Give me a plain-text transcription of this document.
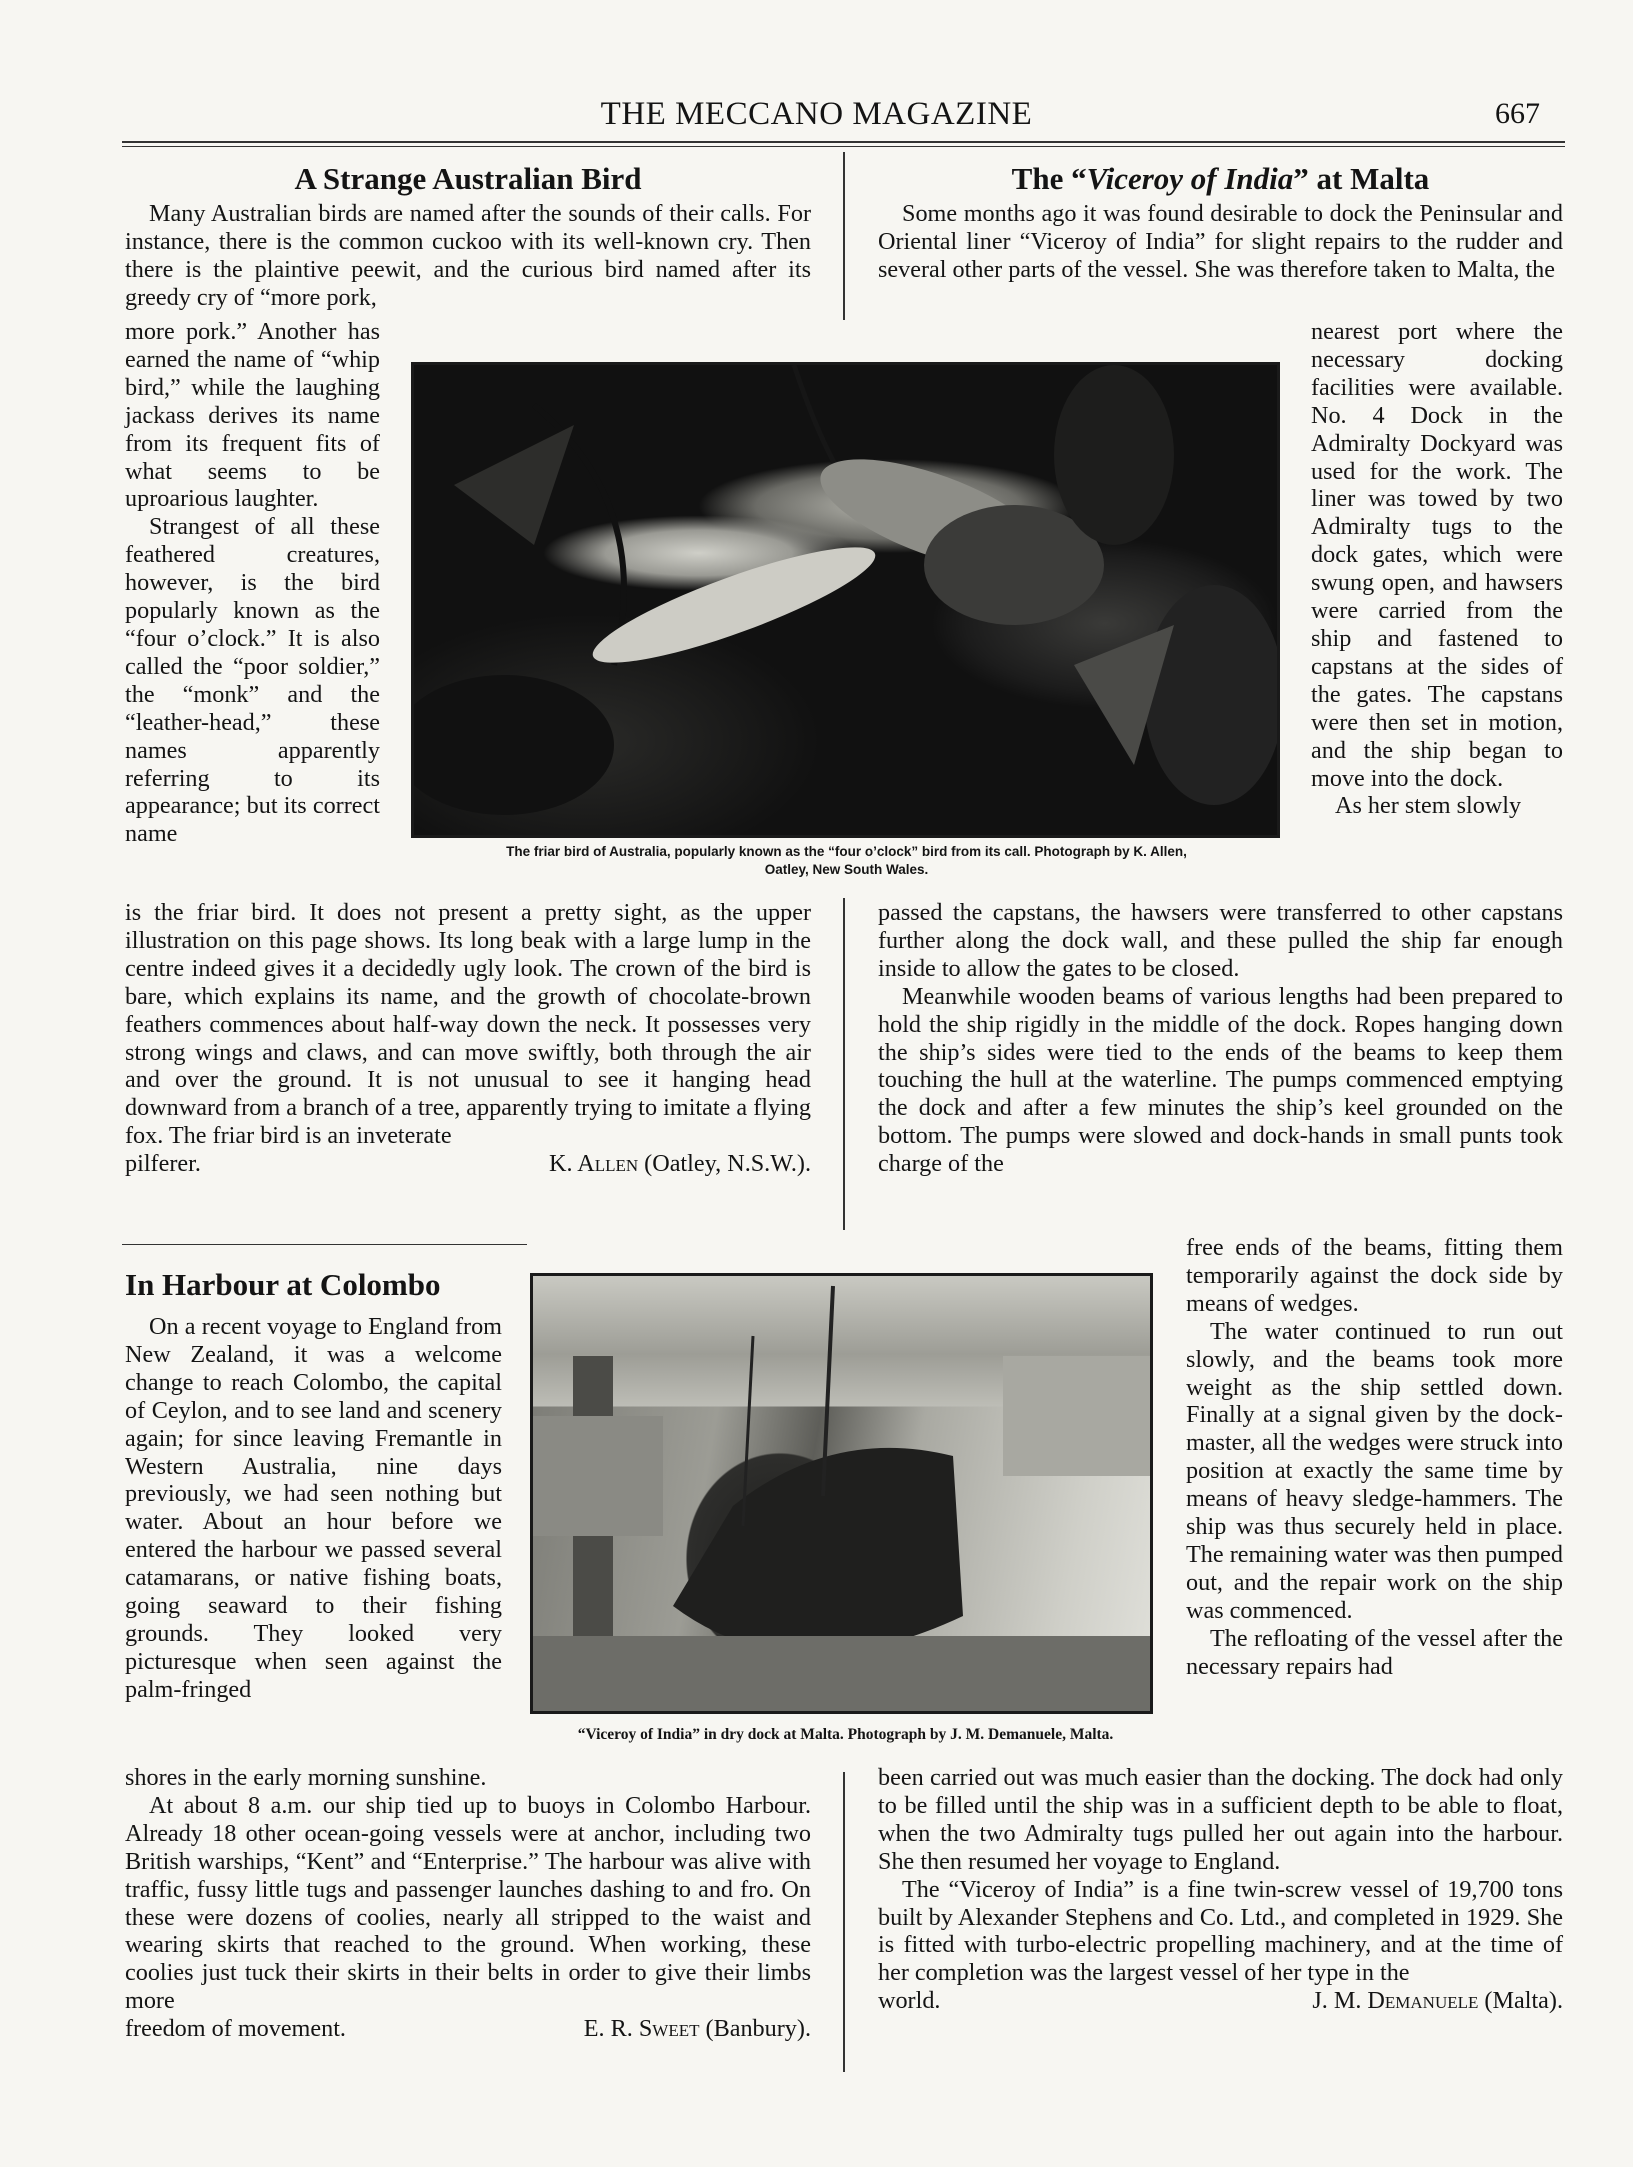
THE MECCANO MAGAZINE	667
A Strange Australian Bird

Many Australian birds are named after the sounds of their calls. For instance, there is the common cuckoo with its well-known cry. Then there is the plaintive peewit, and the curious bird named after its greedy cry of “more pork,

more pork.” Another has earned the name of “whip bird,” while the laughing jackass derives its name from its frequent fits of what seems to be uproarious laughter.

Strangest of all these feathered creatures, however, is the bird popularly known as the “four o’clock.” It is also called the “poor soldier,” the “monk” and the “leather-head,” these names apparently referring to its appearance; but its correct name

is the friar bird. It does not present a pretty sight, as the upper illustration on this page shows. Its long beak with a large lump in the centre indeed gives it a decidedly ugly look. The crown of the bird is bare, which explains its name, and the growth of chocolate-brown feathers commences about half-way down the neck. It possesses very strong wings and claws, and can move swiftly, both through the air and over the ground. It is not unusual to see it hanging head downward from a branch of a tree, apparently trying to imitate a flying fox. The friar bird is an inveterate

pilferer.	K. Allen (Oatley, N.S.W.).
The friar bird of Australia, popularly known as the “four o’clock” bird from its call. Photograph by K. Allen,
Oatley, New South Wales.
The “Viceroy of India” at Malta

Some months ago it was found desirable to dock the Peninsular and Oriental liner “Viceroy of India” for slight repairs to the rudder and several other parts of the vessel. She was therefore taken to Malta, the

nearest port where the necessary docking facilities were available. No. 4 Dock in the Admiralty Dockyard was used for the work. The liner was towed by two Admiralty tugs to the dock gates, which were swung open, and hawsers were carried from the ship and fastened to capstans at the sides of the gates. The capstans were then set in motion, and the ship began to move into the dock.

As her stem slowly

passed the capstans, the hawsers were transferred to other capstans further along the dock wall, and these pulled the ship far enough inside to allow the gates to be closed.

Meanwhile wooden beams of various lengths had been prepared to hold the ship rigidly in the middle of the dock. Ropes hanging down the ship’s sides were tied to the ends of the beams to keep them touching the hull at the waterline. The pumps commenced emptying the dock and after a few minutes the ship’s keel grounded on the bottom. The pumps were slowed and dock-hands in small punts took charge of the

free ends of the beams, fitting them temporarily against the dock side by means of wedges.

The water continued to run out slowly, and the beams took more weight as the ship settled down. Finally at a signal given by the dock-master, all the wedges were struck into position at exactly the same time by means of heavy sledge-hammers. The ship was thus securely held in place. The remaining water was then pumped out, and the repair work on the ship was commenced.

The refloating of the vessel after the necessary repairs had

been carried out was much easier than the docking. The dock had only to be filled until the ship was in a sufficient depth to be able to float, when the two Admiralty tugs pulled her out again into the harbour. She then resumed her voyage to England.

The “Viceroy of India” is a fine twin-screw vessel of 19,700 tons built by Alexander Stephens and Co. Ltd., and completed in 1929. She is fitted with turbo-electric propelling machinery, and at the time of her completion was the largest vessel of her type in the

world.	J. M. Demanuele (Malta).
“Viceroy of India” in dry dock at Malta. Photograph by J. M. Demanuele, Malta.
In Harbour at Colombo

On a recent voyage to England from New Zealand, it was a welcome change to reach Colombo, the capital of Ceylon, and to see land and scenery again; for since leaving Fremantle in Western Australia, nine days previously, we had seen nothing but water. About an hour before we entered the harbour we passed several catamarans, or native fishing boats, going seaward to their fishing grounds. They looked very picturesque when seen against the palm-fringed

shores in the early morning sunshine.

At about 8 a.m. our ship tied up to buoys in Colombo Harbour. Already 18 other ocean-going vessels were at anchor, including two British warships, “Kent” and “Enterprise.” The harbour was alive with traffic, fussy little tugs and passenger launches dashing to and fro. On these were dozens of coolies, nearly all stripped to the waist and wearing skirts that reached to the ground. When working, these coolies just tuck their skirts in their belts in order to give their limbs more

freedom of movement.	E. R. Sweet (Banbury).
